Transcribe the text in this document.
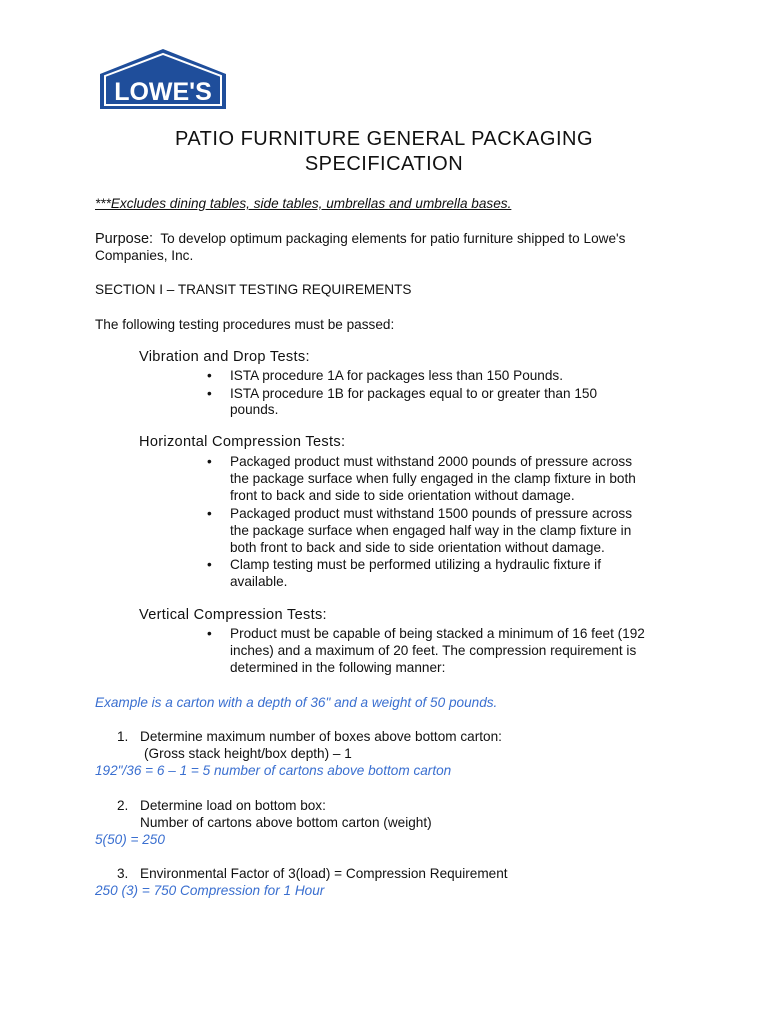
LOWE'S
PATIO FURNITURE GENERAL PACKAGING
SPECIFICATION
***Excludes dining tables, side tables, umbrellas and umbrella bases.
Purpose: To develop optimum packaging elements for patio furniture shipped to Lowe's
Companies, Inc.
SECTION I – TRANSIT TESTING REQUIREMENTS
The following testing procedures must be passed:
Vibration and Drop Tests:
• ISTA procedure 1A for packages less than 150 Pounds.
• ISTA procedure 1B for packages equal to or greater than 150
pounds.
Horizontal Compression Tests:
• Packaged product must withstand 2000 pounds of pressure across
the package surface when fully engaged in the clamp fixture in both
front to back and side to side orientation without damage.
• Packaged product must withstand 1500 pounds of pressure across
the package surface when engaged half way in the clamp fixture in
both front to back and side to side orientation without damage.
• Clamp testing must be performed utilizing a hydraulic fixture if
available.
Vertical Compression Tests:
• Product must be capable of being stacked a minimum of 16 feet (192
inches) and a maximum of 20 feet. The compression requirement is
determined in the following manner:
Example is a carton with a depth of 36" and a weight of 50 pounds.
1. Determine maximum number of boxes above bottom carton:
(Gross stack height/box depth) – 1
192"/36 = 6 – 1 = 5 number of cartons above bottom carton
2. Determine load on bottom box:
Number of cartons above bottom carton (weight)
5(50) = 250
3. Environmental Factor of 3(load) = Compression Requirement
250 (3) = 750 Compression for 1 Hour
